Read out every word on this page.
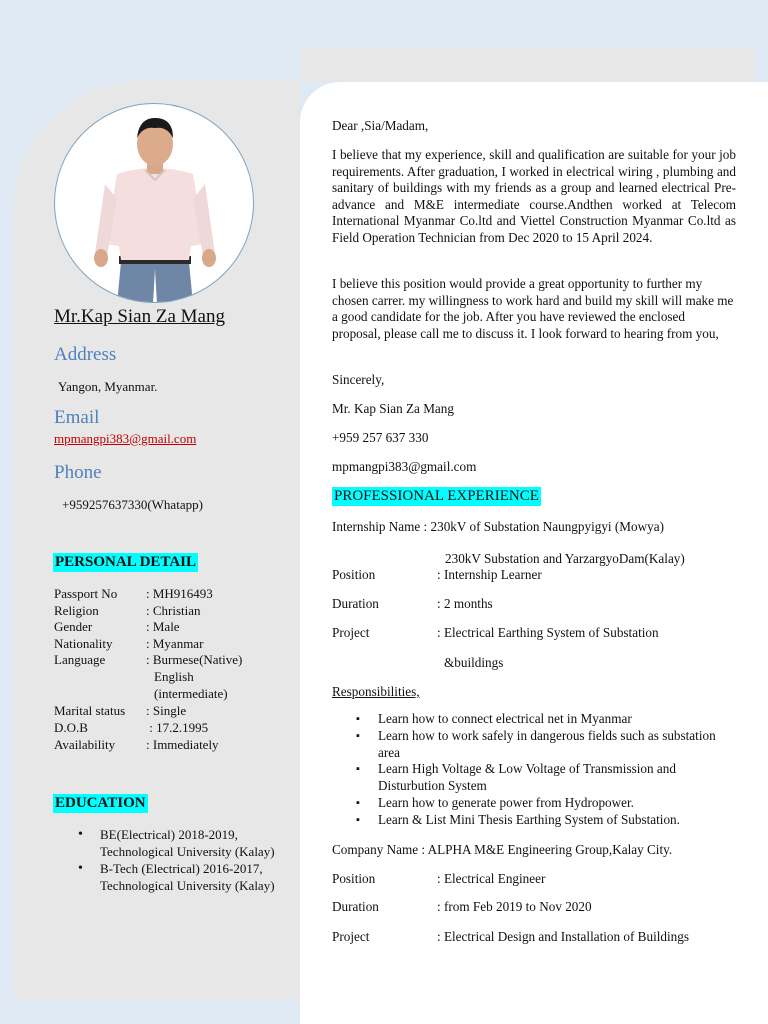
Mr.Kap Sian Za Mang
Address
Yangon, Myanmar.
Email
mpmangpi383@gmail.com
Phone
+959257637330(Whatapp)
PERSONAL DETAIL
Passport No : MH916493
Religion	: Christian
Gender	: Male
Nationality	: Myanmar
Language	: Burmese(Native)
English
(intermediate)
Marital status : Single
D.O.B	: 17.2.1995
Availability : Immediately
EDUCATION
• BE(Electrical) 2018-2019, Technological University (Kalay)
• B-Tech (Electrical) 2016-2017, Technological University (Kalay)
Dear ,Sia/Madam,
I believe that my experience, skill and qualification are suitable for your job requirements. After graduation, I worked in electrical wiring , plumbing and sanitary of buildings with my friends as a group and learned electrical Pre-advance and M&E intermediate course.Andthen worked at Telecom International Myanmar Co.ltd and Viettel Construction Myanmar Co.ltd as Field Operation Technician from Dec 2020 to 15 April 2024.
I believe this position would provide a great opportunity to further my chosen carrer. my willingness to work hard and build my skill will make me a good candidate for the job. After you have reviewed the enclosed proposal, please call me to discuss it. I look forward to hearing from you,
Sincerely,
Mr. Kap Sian Za Mang
+959 257 637 330
mpmangpi383@gmail.com
PROFESSIONAL EXPERIENCE
Internship Name : 230kV of Substation Naungpyigyi (Mowya)
230kV Substation and YarzargyoDam(Kalay)
Position	: Internship Learner
Duration	: 2 months
Project	: Electrical Earthing System of Substation
&buildings
Responsibilities,
▪ Learn how to connect electrical net in Myanmar
▪ Learn how to work safely in dangerous fields such as substation area
▪ Learn High Voltage & Low Voltage of Transmission and Disturbution System
▪ Learn how to generate power from Hydropower.
▪ Learn & List Mini Thesis Earthing System of Substation.
Company Name : ALPHA M&E Engineering Group,Kalay City.
Position	: Electrical Engineer
Duration	: from Feb 2019 to Nov 2020
Project	: Electrical Design and Installation of Buildings
